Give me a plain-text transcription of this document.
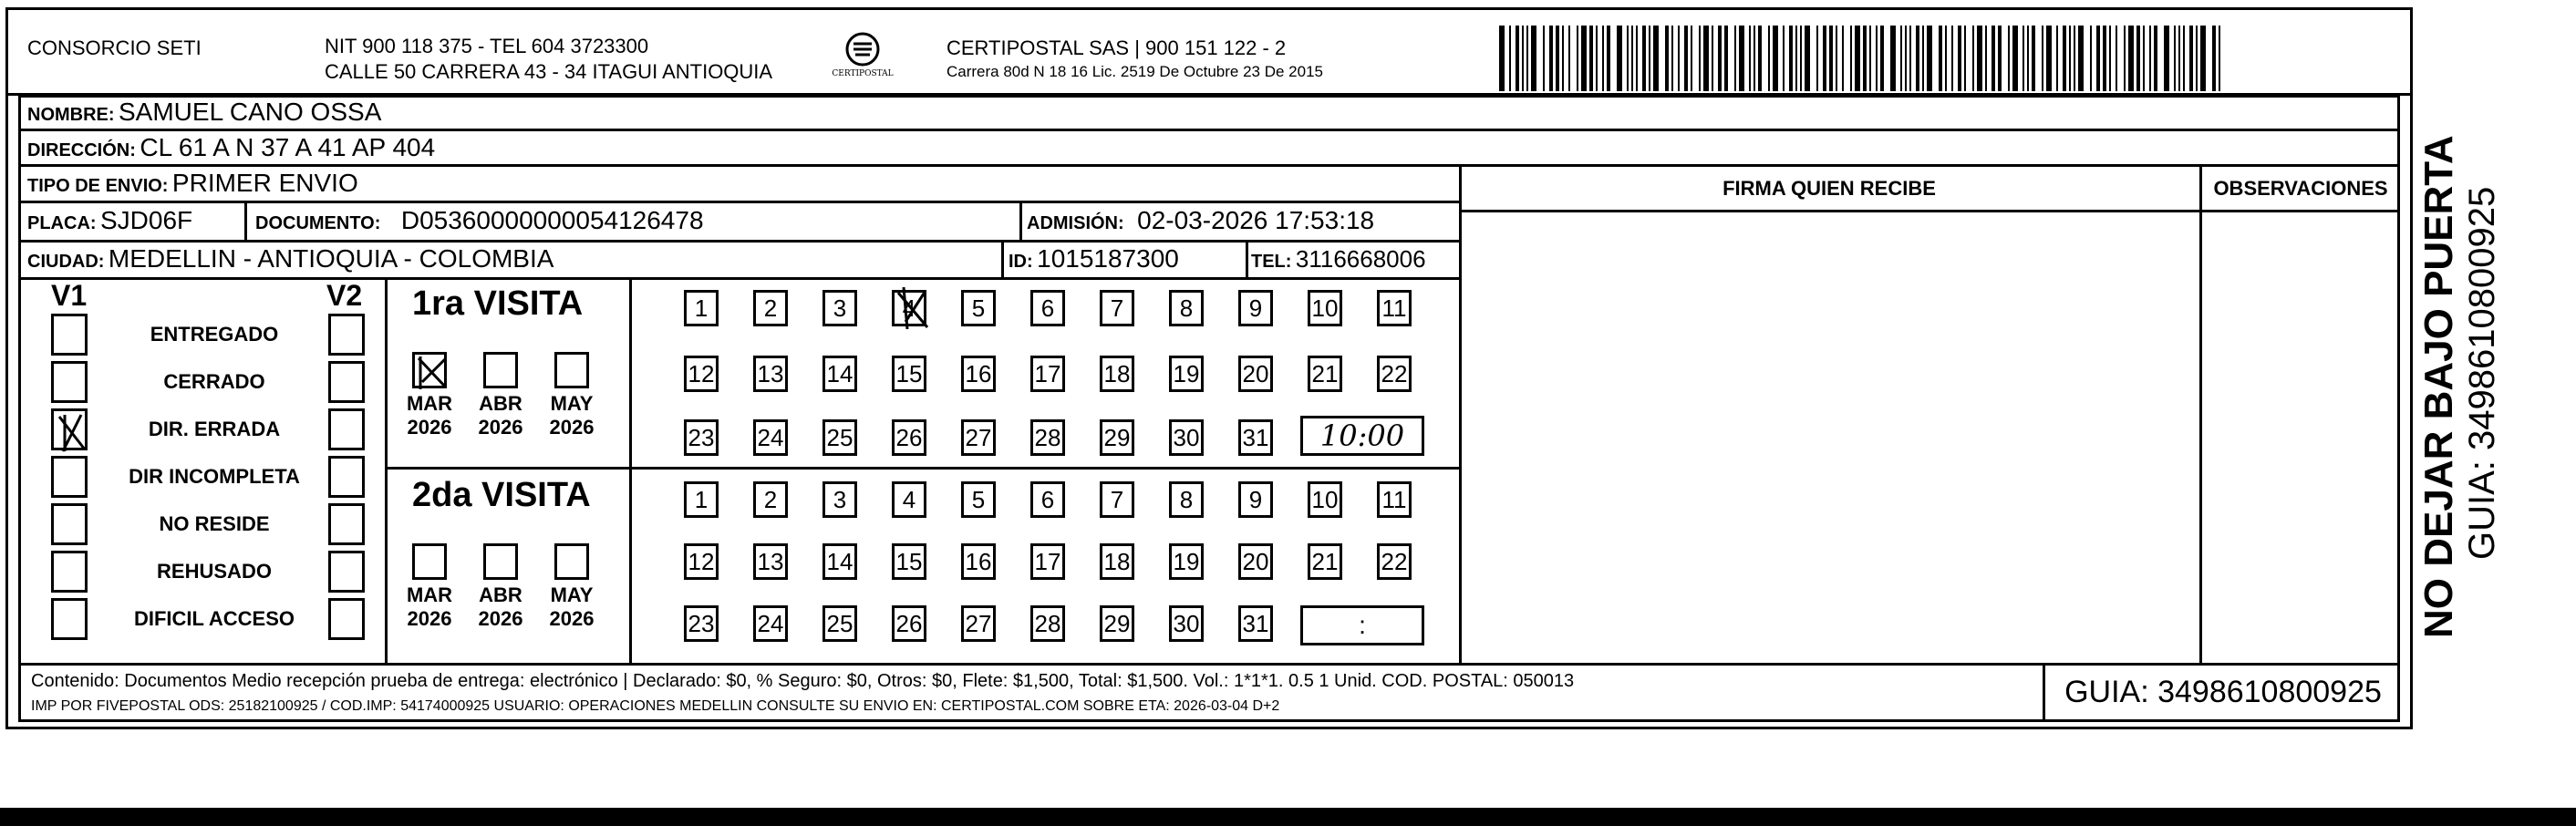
CONSORCIO SETI	NIT 900 118 375 - TEL 604 3723300
CALLE 50 CARRERA 43 - 34 ITAGUI ANTIOQUIA	CERTIPOSTAL
CERTIPOSTAL SAS | 900 151 122 - 2
Carrera 80d N 18 16 Lic. 2519 De Octubre 23 De 2015
NOMBRE: SAMUEL CANO OSSA
DIRECCIÓN: CL 61 A N 37 A 41 AP 404
TIPO DE ENVIO: PRIMER ENVIO
PLACA: SJD06F	DOCUMENTO: D05360000000054126478	ADMISIÓN: 02-03-2026 17:53:18
CIUDAD: MEDELLIN - ANTIOQUIA - COLOMBIA	ID: 1015187300	TEL: 3116668006
FIRMA QUIEN RECIBE	OBSERVACIONES
V1	V2
ENTREGADO
CERRADO
DIR. ERRADA
DIR INCOMPLETA
NO RESIDE
REHUSADO
DIFICIL ACCESO
1ra VISITA
2da VISITA
MAR
2026
ABR
2026
MAY
2026
MAR
2026
ABR
2026
MAY
2026
1	2	3	4	5	6	7	8	9	10 11
12 13 14 15 16 17 18 19 20 21 22
23 24 25 26 27 28 29 30 31
1	2	3	4	5	6	7	8	9	10 11
12 13 14 15 16 17 18 19 20 21 22
23 24 25 26 27 28 29 30 31
10:00
:
Contenido: Documentos Medio recepción prueba de entrega: electrónico | Declarado: $0, % Seguro: $0, Otros: $0, Flete: $1,500, Total: $1,500. Vol.: 1*1*1. 0.5 1 Unid. COD. POSTAL: 050013
IMP POR FIVEPOSTAL ODS: 25182100925 / COD.IMP: 54174000925 USUARIO: OPERACIONES MEDELLIN CONSULTE SU ENVIO EN: CERTIPOSTAL.COM SOBRE ETA: 2026-03-04 D+2	GUIA: 3498610800925
NO DEJAR BAJO PUERTA GUIA: 3498610800925
